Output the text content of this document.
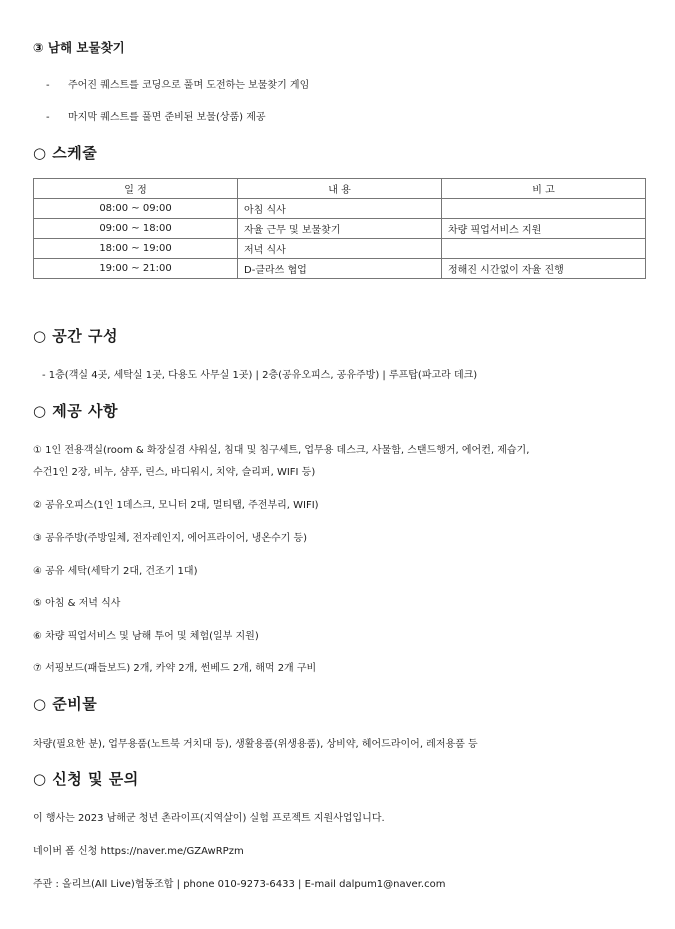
③ 남해 보물찾기
- 주어진 퀘스트를 코딩으로 풀며 도전하는 보물찾기 게임
- 마지막 퀘스트를 풀면 준비된 보물(상품) 제공
○ 스케줄
일 정	내 용	비 고
08:00 ~ 09:00	아침 식사	
09:00 ~ 18:00	자율 근무 및 보물찾기	차량 픽업서비스 지원
18:00 ~ 19:00	저녁 식사	
19:00 ~ 21:00	D-클라쓰 협업	정해진 시간없이 자율 진행
○ 공간 구성
- 1층(객실 4곳, 세탁실 1곳, 다용도 사무실 1곳) | 2층(공유오피스, 공유주방) | 루프탑(파고라 데크)
○ 제공 사항
① 1인 전용객실(room & 화장실겸 샤워실, 침대 및 침구세트, 업무용 데스크, 사물함, 스탠드행거, 에어컨, 제습기,
수건1인 2장, 비누, 샴푸, 린스, 바디워시, 치약, 슬리퍼, WIFI 등)
② 공유오피스(1인 1데스크, 모니터 2대, 멀티탭, 주전부리, WIFI)
③ 공유주방(주방일체, 전자레인지, 에어프라이어, 냉온수기 등)
④ 공유 세탁(세탁기 2대, 건조기 1대)
⑤ 아침 & 저녁 식사
⑥ 차량 픽업서비스 및 남해 투어 및 체험(일부 지원)
⑦ 서핑보드(패들보드) 2개, 카약 2개, 썬베드 2개, 해먹 2개 구비
○ 준비물
차량(필요한 분), 업무용품(노트북 거치대 등), 생활용품(위생용품), 상비약, 헤어드라이어, 레저용품 등
○ 신청 및 문의
이 행사는 2023 남해군 청년 촌라이프(지역살이) 실험 프로젝트 지원사업입니다.
네이버 폼 신청 https://naver.me/GZAwRPzm
주관 : 올리브(All Live)협동조합 | phone 010-9273-6433 | E-mail dalpum1@naver.com
